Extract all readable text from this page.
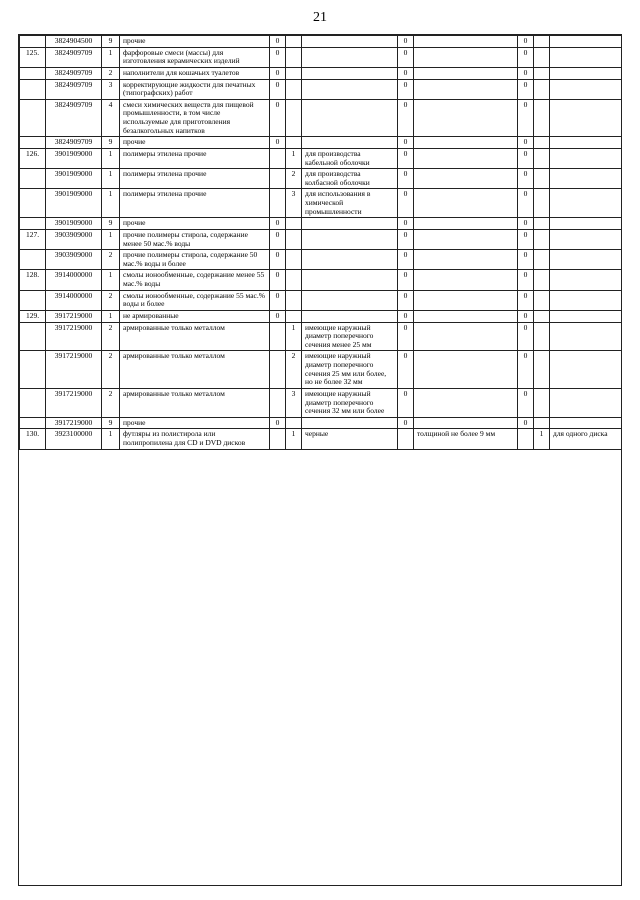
21
	3824904500	9	прочие	0			0		0		
125.	3824909709	1	фарфоровые смеси (массы) для изготовления керамических изделий	0			0		0		
	3824909709	2	наполнители для кошачьих туалетов	0			0		0		
	3824909709	3	корректирующие жидкости для печатных (типографских) работ	0			0		0		
	3824909709	4	смеси химических веществ для пищевой промышленности, в том числе используемые для приготовления безалкогольных напитков	0			0		0		
	3824909709	9	прочие	0			0		0		
126.	3901909000	1	полимеры этилена прочие		1	для производства кабельной оболочки	0		0		
	3901909000	1	полимеры этилена прочие		2	для производства колбасной оболочки	0		0		
	3901909000	1	полимеры этилена прочие		3	для использования в химической промышленности	0		0		
	3901909000	9	прочие	0			0		0		
127.	3903909000	1	прочие полимеры стирола, содержание менее 50 мас.% воды	0			0		0		
	3903909000	2	прочие полимеры стирола, содержание 50 мас.% воды и более	0			0		0		
128.	3914000000	1	смолы ионообменные, содержание менее 55 мас.% воды	0			0		0		
	3914000000	2	смолы ионообменные, содержание 55 мас.% воды и более	0			0		0		
129.	3917219000	1	не армированные	0			0		0		
	3917219000	2	армированные только металлом		1	имеющие наружный диаметр поперечного сечения менее 25 мм	0		0		
	3917219000	2	армированные только металлом		2	имеющие наружный диаметр поперечного сечения 25 мм или более, но не более 32 мм	0		0		
	3917219000	2	армированные только металлом		3	имеющие наружный диаметр поперечного сечения 32 мм или более	0		0		
	3917219000	9	прочие	0			0		0		
130.	3923100000	1	футляры из полистирола или полипропилена для CD и DVD дисков		1	черные		толщиной не более 9 мм		1	для одного диска
